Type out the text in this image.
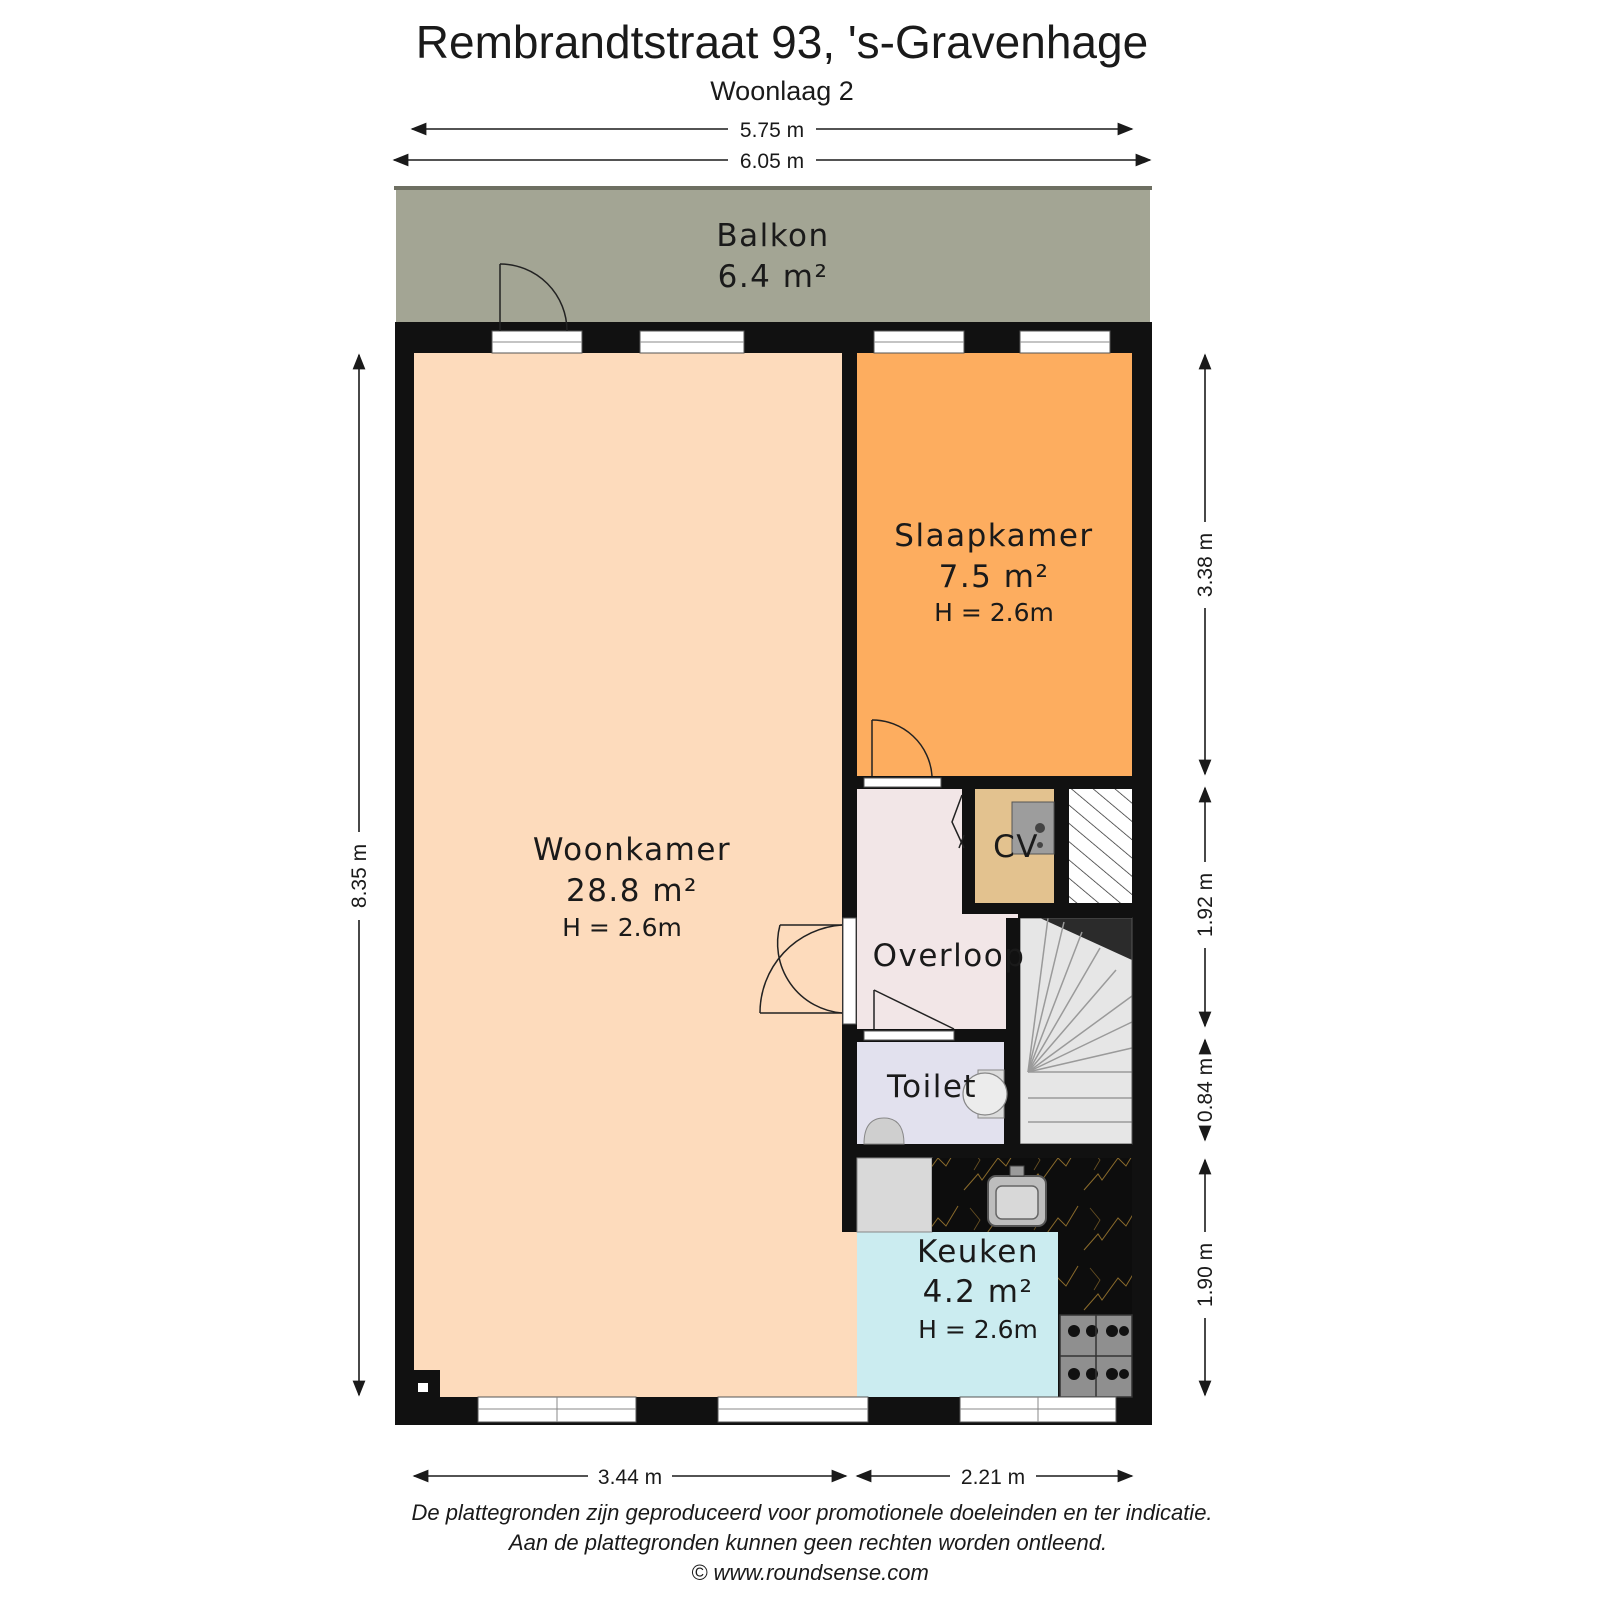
Rembrandtstraat 93, 's-Gravenhage
Woonlaag 2
5.75 m
6.05 m
Balkon
6.4 m²
Slaapkamer
7.5 m²
H = 2.6m
Woonkamer
28.8 m²
H = 2.6m
CV
Overloop
Toilet
Keuken
4.2 m²
H = 2.6m
8.35 m
3.38 m
1.92 m
0.84 m
1.90 m
3.44 m	2.21 m
De plattegronden zijn geproduceerd voor promotionele doeleinden en ter indicatie.
Aan de plattegronden kunnen geen rechten worden ontleend.
© www.roundsense.com
